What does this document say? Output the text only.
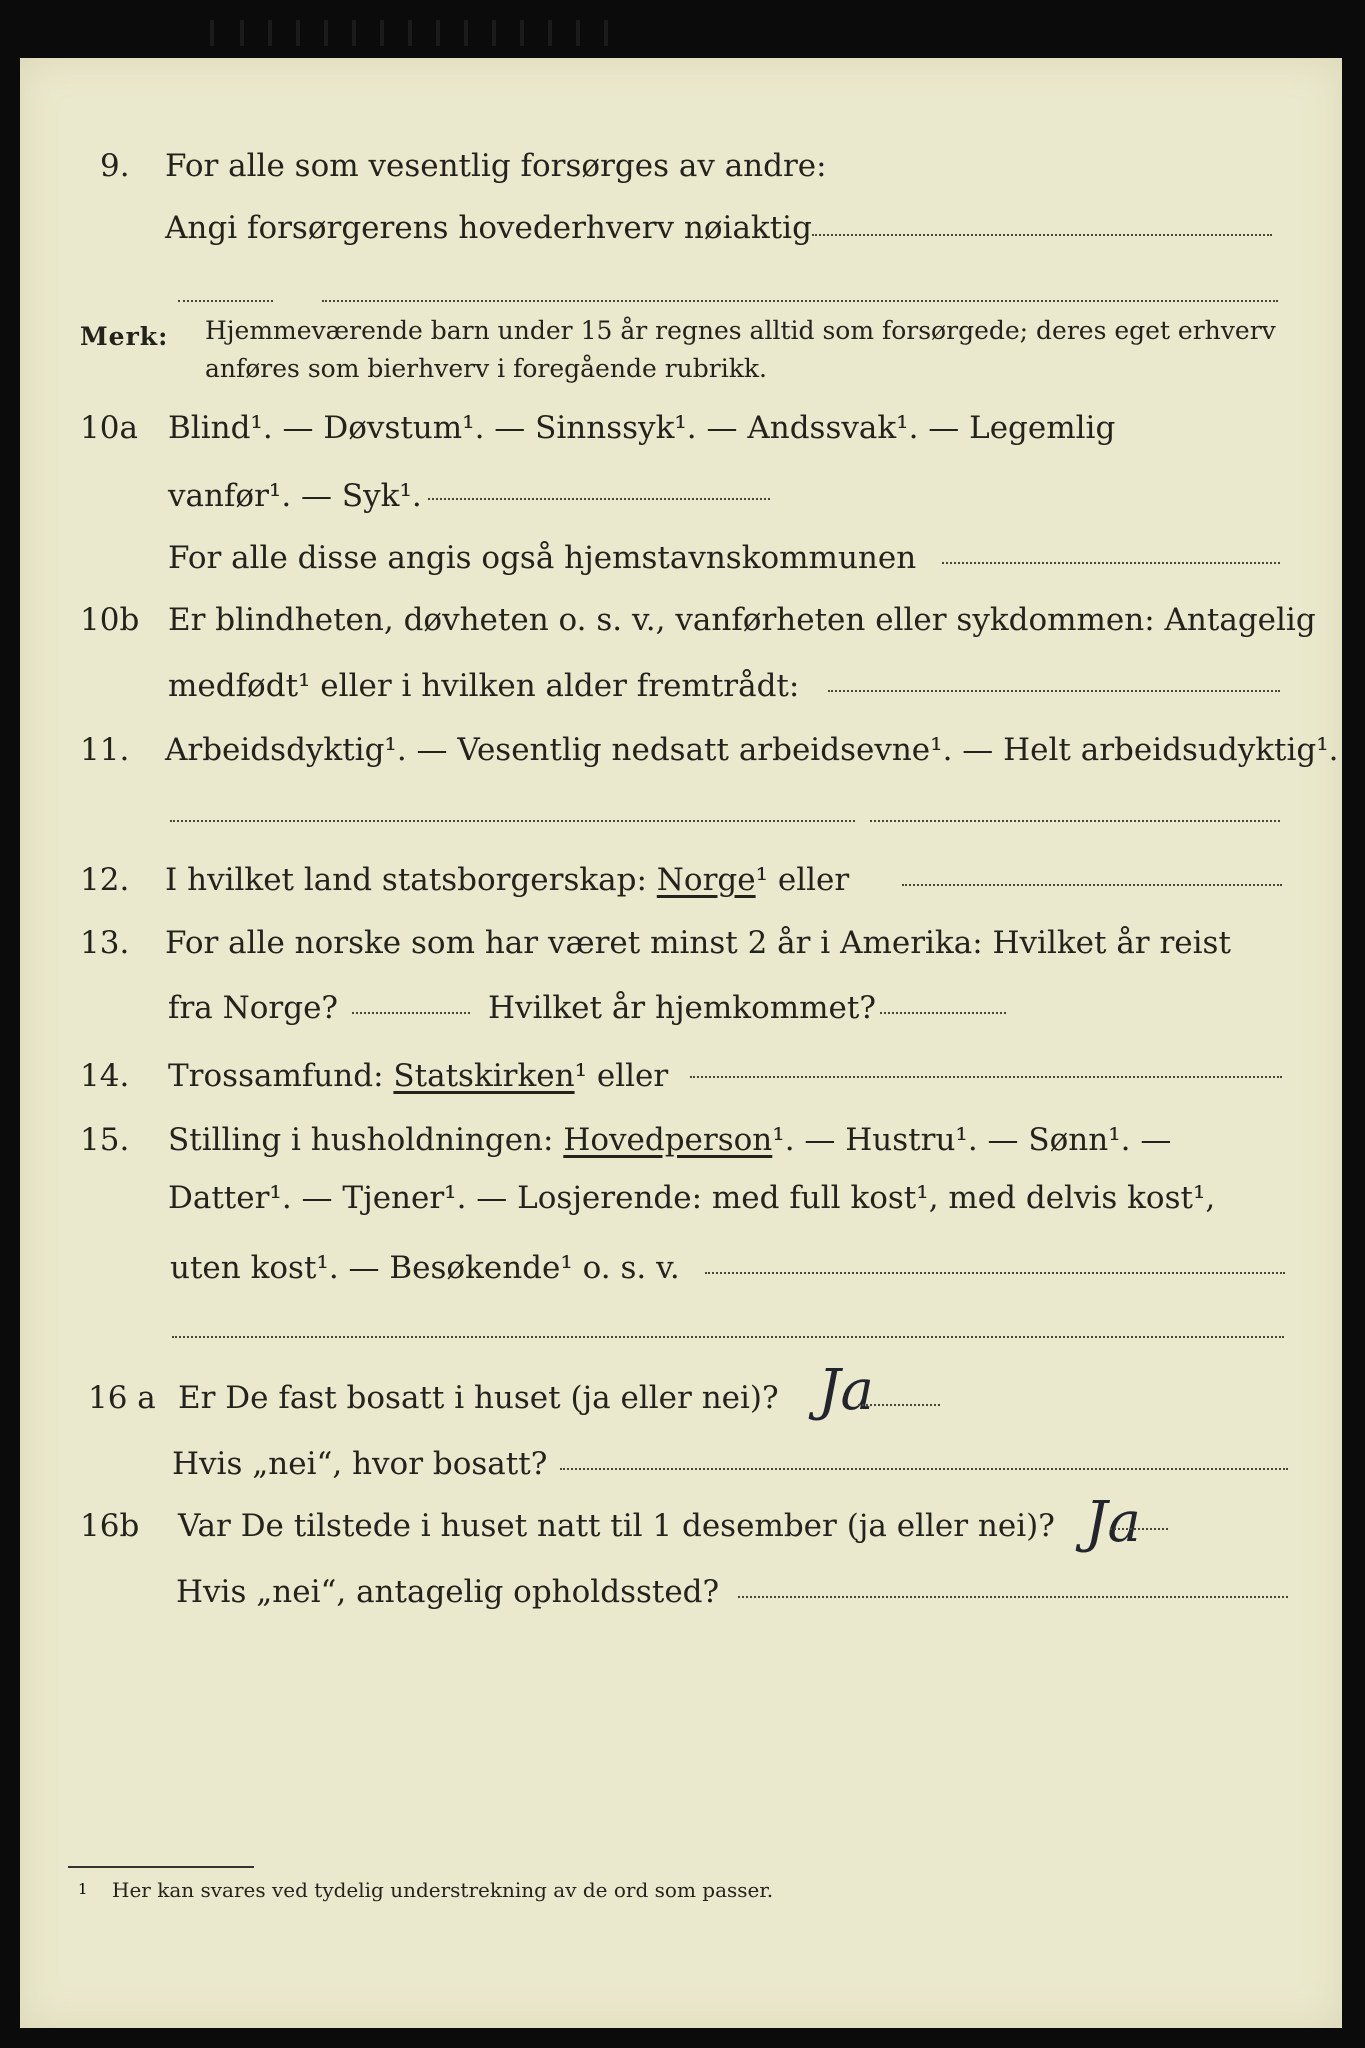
9. For alle som vesentlig forsørges av andre:
Angi forsørgerens hovederhverv nøiaktig
Merk: Hjemmeværende barn under 15 år regnes alltid som forsørgede; deres eget erhverv
anføres som bierhverv i foregående rubrikk.
10a Blind¹. — Døvstum¹. — Sinnssyk¹. — Andssvak¹. — Legemlig
vanfør¹. — Syk¹.
For alle disse angis også hjemstavnskommunen
10b Er blindheten, døvheten o. s. v., vanførheten eller sykdommen: Antagelig
medfødt¹ eller i hvilken alder fremtrådt:
11. Arbeidsdyktig¹. — Vesentlig nedsatt arbeidsevne¹. — Helt arbeidsudyktig¹.
12. I hvilket land statsborgerskap: Norge¹ eller
13. For alle norske som har været minst 2 år i Amerika: Hvilket år reist
fra Norge?	Hvilket år hjemkommet?
14. Trossamfund: Statskirken¹ eller
15. Stilling i husholdningen: Hovedperson¹. — Hustru¹. — Sønn¹. —
Datter¹. — Tjener¹. — Losjerende: med full kost¹, med delvis kost¹,
uten kost¹. — Besøkende¹ o. s. v.
16 a Er De fast bosatt i huset (ja eller nei)? Ja
Hvis „nei“, hvor bosatt?
16b Var De tilstede i huset natt til 1 desember (ja eller nei)? Ja
Hvis „nei“, antagelig opholdssted?
1 Her kan svares ved tydelig understrekning av de ord som passer.
